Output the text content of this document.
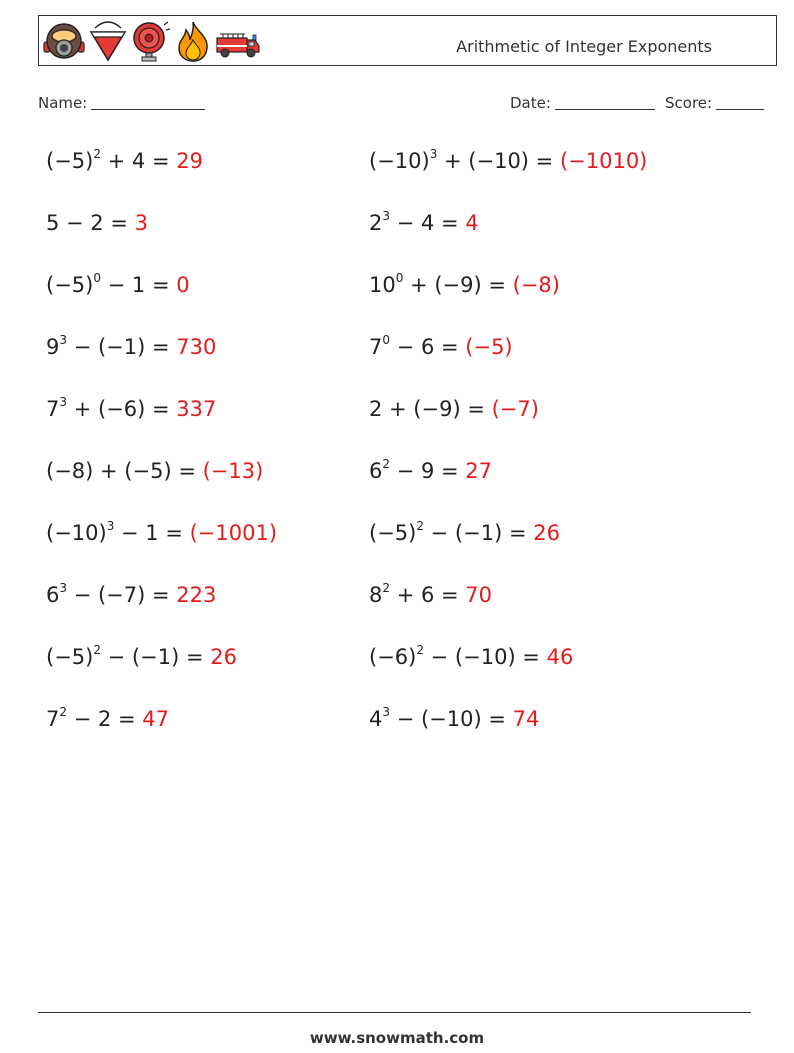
Arithmetic of Integer Exponents
Name:	Date:	Score:
$(-5)^2 + 4 = 29$	$(-10)^3 + (-10) = (-1010)$
5 − 2 = 3	$2^3 - 4 = 4$
$(-5)^0 - 1 = 0$	$10^0 + (-9) = (-8)$
$9^3 - (-1) = 730$	$7^0 - 6 = (-5)$
$7^3 + (-6) = 337$	2 + (−9) = (−7)
(−8) + (−5) = (−13)	$6^2 - 9 = 27$
$(-10)^3 - 1 = (-1001)$	$(-5)^2 - (-1) = 26$
$6^3 - (-7) = 223$	$8^2 + 6 = 70$
$(-5)^2 - (-1) = 26$	$(-6)^2 - (-10) = 46$
$7^2 - 2 = 47$	$4^3 - (-10) = 74$
www.snowmath.com
